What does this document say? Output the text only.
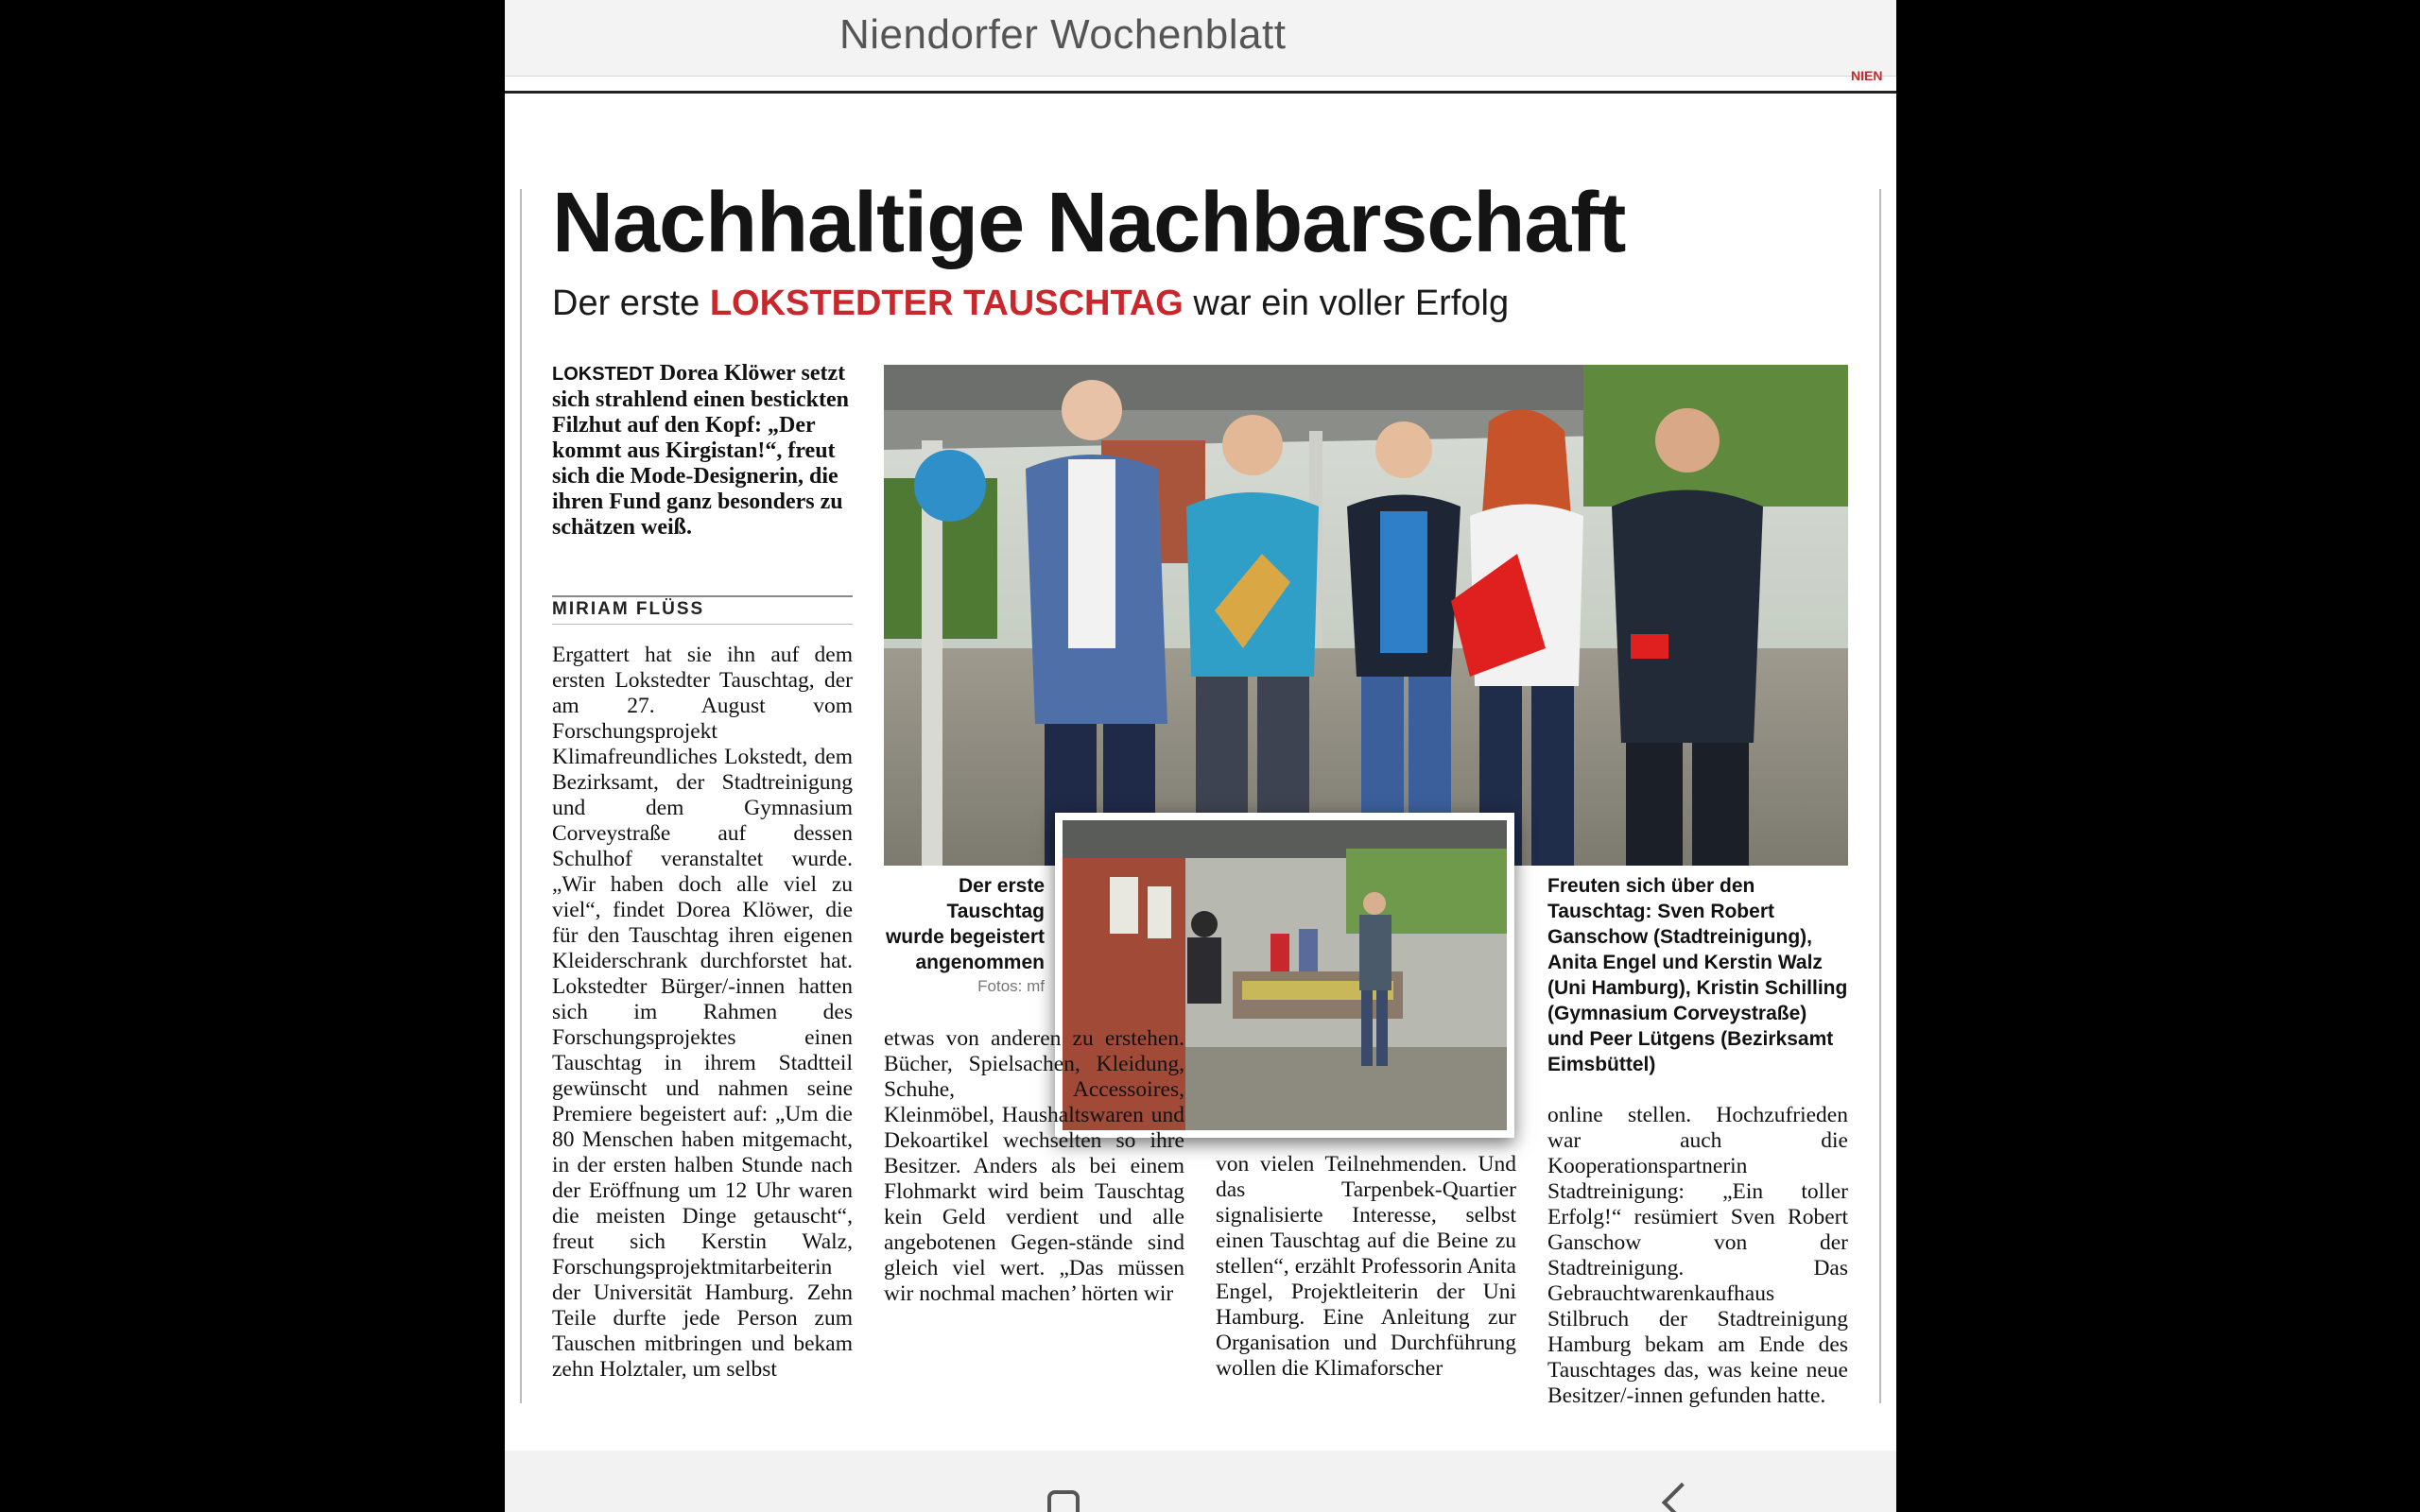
Niendorfer Wochenblatt
NIEN
Nachhaltige Nachbarschaft

Der erste LOKSTEDTER TAUSCHTAG war ein voller Erfolg

LOKSTEDT Dorea Klöwer setzt sich strahlend einen bestickten Filzhut auf den Kopf: „Der kommt aus Kirgistan!“, freut sich die Mode-Designerin, die ihren Fund ganz besonders zu schätzen weiß.
MIRIAM FLÜSS
Ergattert hat sie ihn auf dem ersten Lokstedter Tauschtag, der am 27. August vom Forschungsprojekt Klimafreundliches Lokstedt, dem Bezirksamt, der Stadtreinigung und dem Gymnasium Corveystraße auf dessen Schulhof veranstaltet wurde. „Wir haben doch alle viel zu viel“, findet Dorea Klöwer, die für den Tauschtag ihren eigenen Kleiderschrank durchforstet hat. Lokstedter Bürger/-innen hatten sich im Rahmen des Forschungsprojektes einen Tauschtag in ihrem Stadtteil gewünscht und nahmen seine Premiere begeistert auf: „Um die 80 Menschen haben mitgemacht, in der ersten halben Stunde nach der Eröffnung um 12 Uhr waren die meisten Dinge getauscht“, freut sich Kerstin Walz, Forschungsprojektmitarbeiterin der Universität Hamburg. Zehn Teile durfte jede Person zum Tauschen mitbringen und bekam zehn Holztaler, um selbst
Der erste Tauschtag wurde begeistert angenommen
Fotos: mf
Freuten sich über den Tauschtag: Sven Robert Ganschow (Stadtreinigung), Anita Engel und Kerstin Walz (Uni Hamburg), Kristin Schilling (Gymnasium Corveystraße) und Peer Lütgens (Bezirksamt Eimsbüttel)
etwas von anderen zu erstehen. Bücher, Spielsachen, Kleidung, Schuhe, Accessoires, Kleinmöbel, Haushaltswaren und Dekoartikel wechselten so ihre Besitzer. Anders als bei einem Flohmarkt wird beim Tauschtag kein Geld verdient und alle angebotenen Gegen-stände sind gleich viel wert. „Das müssen wir nochmal machen’ hörten wir
von vielen Teilnehmenden. Und das Tarpenbek-Quartier signalisierte Interesse, selbst einen Tauschtag auf die Beine zu stellen“, erzählt Professorin Anita Engel, Projektleiterin der Uni Hamburg. Eine Anleitung zur Organisation und Durchführung wollen die Klimaforscher
online stellen. Hochzufrieden war auch die Kooperationspartnerin Stadtreinigung: „Ein toller Erfolg!“ resümiert Sven Robert Ganschow von der Stadtreinigung. Das Gebrauchtwarenkaufhaus Stilbruch der Stadtreinigung Hamburg bekam am Ende des Tauschtages das, was keine neue Besitzer/-innen gefunden hatte.
